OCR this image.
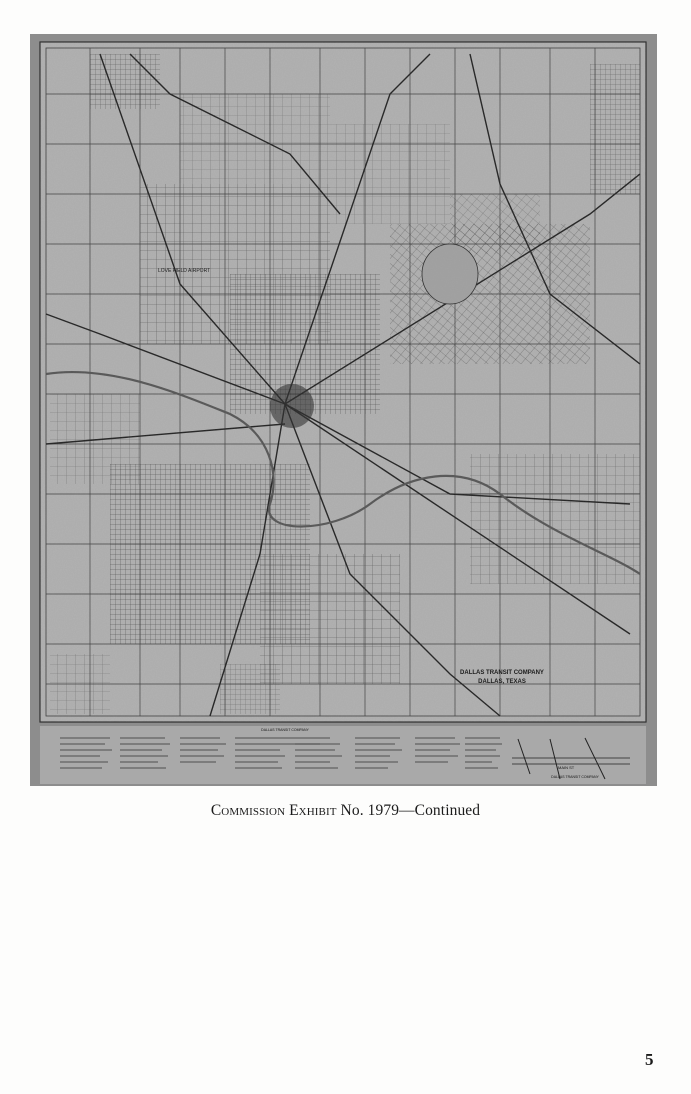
LOVE FIELD AIRPORT
DALLAS TRANSIT COMPANY
DALLAS, TEXAS
DALLAS TRANSIT COMPANY
MAIN ST
DALLAS TRANSIT COMPANY
Commission Exhibit No. 1979—Continued
5
